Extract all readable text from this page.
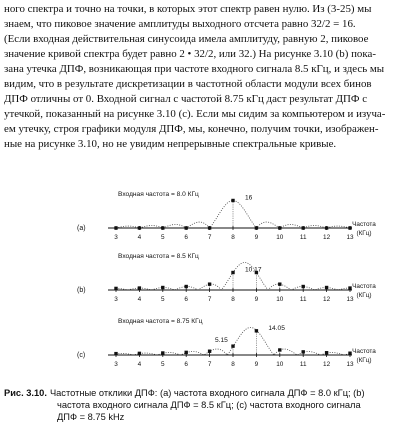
ного спектра и точно на точки, в которых этот спектр равен нулю. Из (3-25) мы
знаем, что пиковое значение амплитуды выходного отсчета равно 32/2 = 16.
(Если входная действительная синусоида имела амплитуду, равную 2, пиковое
значение кривой спектра будет равно 2 • 32/2, или 32.) На рисунке 3.10 (b) пока-
зана утечка ДПФ, возникающая при частоте входного сигнала 8.5 кГц, и здесь мы
видим, что в результате дискретизации в частотной области модули всех бинов
ДПФ отличны от 0. Входной сигнал с частотой 8.75 кГц даст результат ДПФ с
утечкой, показанный на рисунке 3.10 (c). Если мы сидим за компьютером и изуча-
ем утечку, строя графики модуля ДПФ, мы, конечно, получим точки, изображен-
ные на рисунке 3.10, но не увидим непрерывные спектральные кривые.
3	4	5	6	7	8	9	10	11	12	13
Частота
(КГц)
(a)
Входная частота = 8.0 КГц	16
3	4	5	6	7	8	9	10	11	12	13
Частота
(КГц)
(b)
Входная частота = 8.5 КГц
10.17
3	4	5	6	7	8	9	10	11	12	13
Частота
(КГц)
(c)
Входная частота = 8.75 КГц
14.05
5.15
Рис. 3.10. Частотные отклики ДПФ: (а) частота входного сигнала ДПФ = 8.0 кГц; (b)
частота входного сигнала ДПФ = 8.5 кГц; (с) частота входного сигнала
ДПФ = 8.75 kHz
